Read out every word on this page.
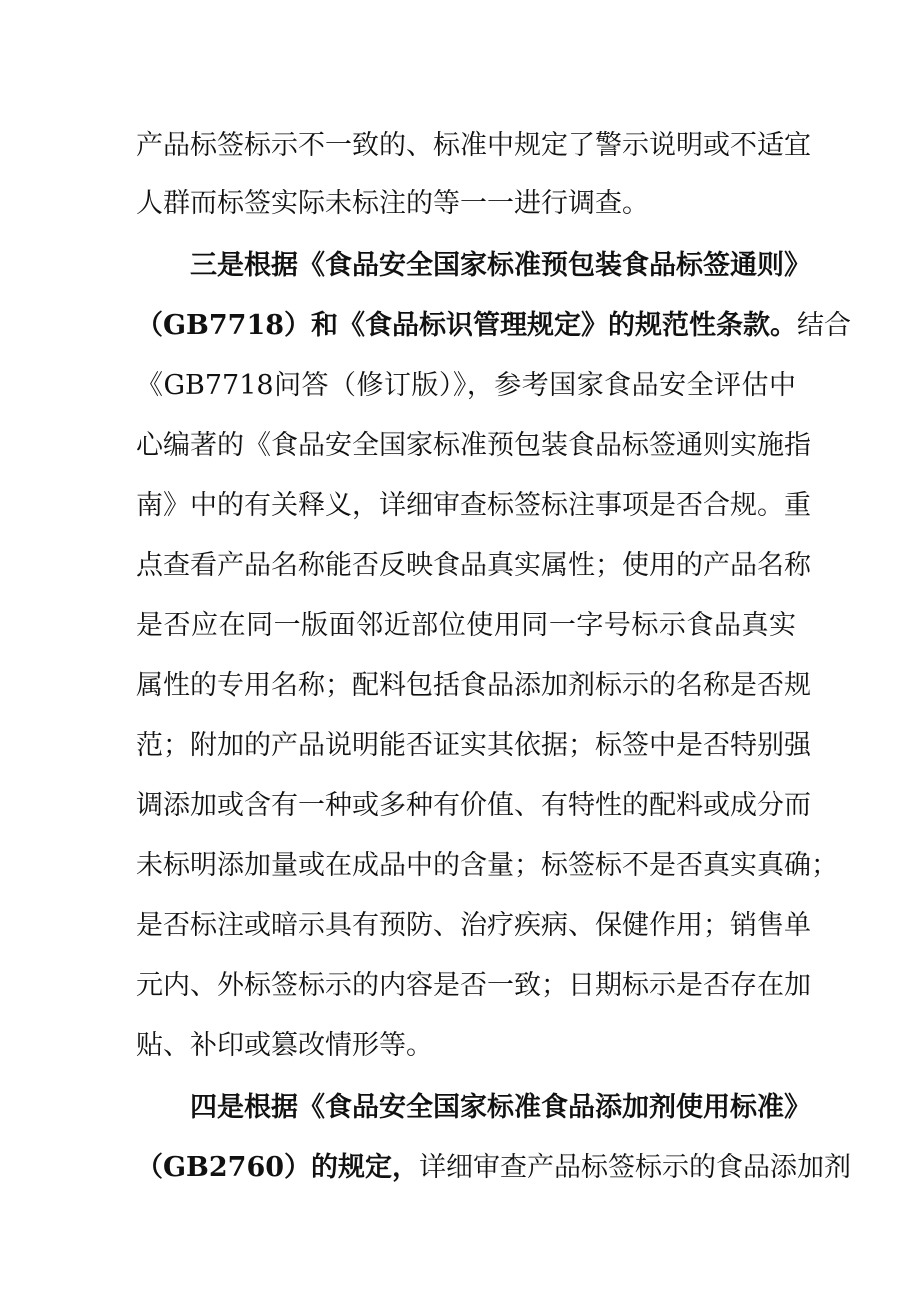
产品标签标示不一致的、标准中规定了警示说明或不适宜
人群而标签实际未标注的等一一进行调查。
三是根据《食品安全国家标准预包装食品标签通则》
（GB7718）和《食品标识管理规定》的规范性条款。结合
《GB7718问答（修订版）》，参考国家食品安全评估中
心编著的《食品安全国家标准预包装食品标签通则实施指
南》中的有关释义，详细审查标签标注事项是否合规。重
点查看产品名称能否反映食品真实属性；使用的产品名称
是否应在同一版面邻近部位使用同一字号标示食品真实
属性的专用名称；配料包括食品添加剂标示的名称是否规
范；附加的产品说明能否证实其依据；标签中是否特别强
调添加或含有一种或多种有价值、有特性的配料或成分而
未标明添加量或在成品中的含量；标签标不是否真实真确；
是否标注或暗示具有预防、治疗疾病、保健作用；销售单
元内、外标签标示的内容是否一致；日期标示是否存在加
贴、补印或篡改情形等。
四是根据《食品安全国家标准食品添加剂使用标准》
（GB2760）的规定，详细审查产品标签标示的食品添加剂
